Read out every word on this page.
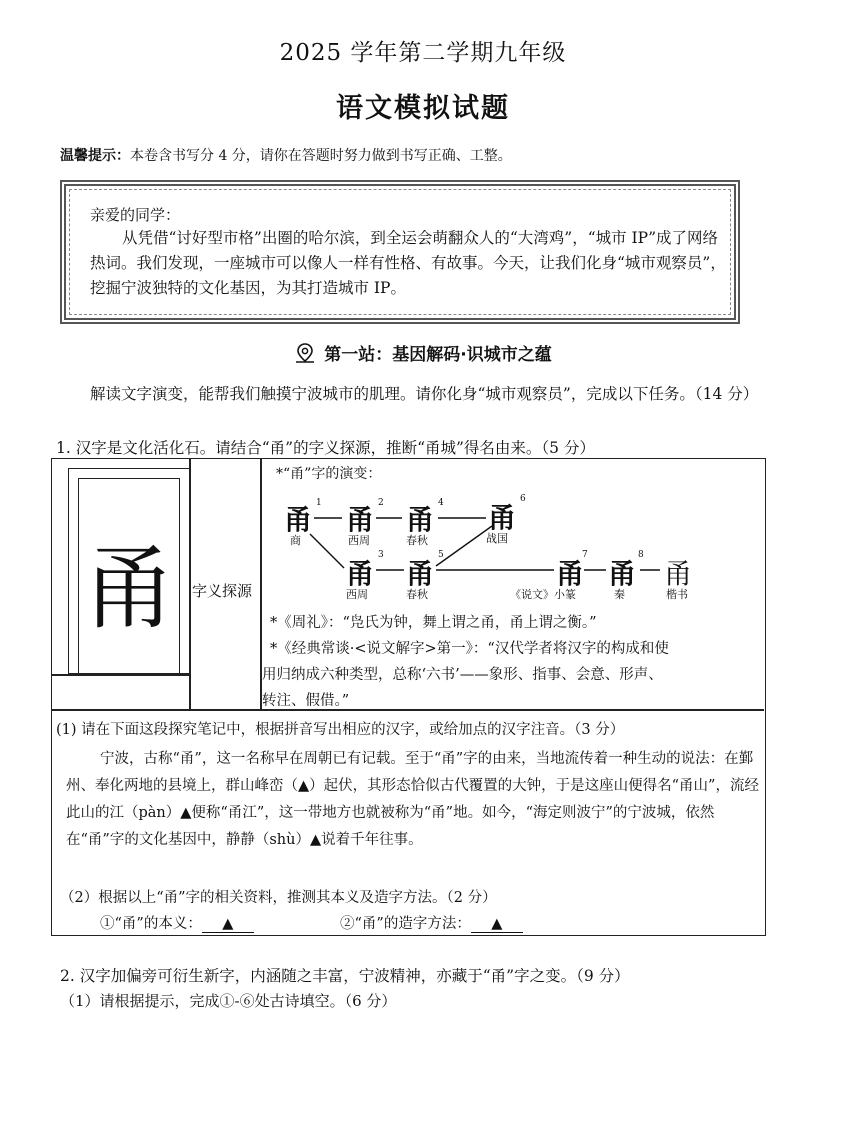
2025 学年第二学期九年级
语文模拟试题
温馨提示：本卷含书写分 4 分，请你在答题时努力做到书写正确、工整。
亲爱的同学：
从凭借“讨好型市格”出圈的哈尔滨，到全运会萌翻众人的“大湾鸡”，“城市 IP”成了网络热词。我们发现，一座城市可以像人一样有性格、有故事。今天，让我们化身“城市观察员”，挖掘宁波独特的文化基因，为其打造城市 IP。
第一站：基因解码·识城市之蕴
解读文字演变，能帮我们触摸宁波城市的肌理。请你化身“城市观察员”，完成以下任务。（14 分）
1. 汉字是文化活化石。请结合“甬”的字义探源，推断“甬城”得名由来。（5 分）
甬	字义探源
*“甬”字的演变：
甬 1
商
甬 2
西周
甬 4
春秋
甬
6
战国
甬
3
西周
甬
5
春秋
甬
7
《说文》小篆
甬
8
秦
甬
楷书
*《周礼》：“凫氏为钟，舞上谓之甬，甬上谓之衡。”
*《经典常谈·<说文解字>第一》：“汉代学者将汉字的构成和使
用归纳成六种类型，总称‘六书’——象形、指事、会意、形声、
转注、假借。”
(1) 请在下面这段探究笔记中，根据拼音写出相应的汉字，或给加点的汉字注音。（3 分）
宁波，古称“甬”，这一名称早在周朝已有记载。至于“甬”字的由来，当地流传着一种生动的说法：在鄞州、奉化两地的县境上，群山峰峦（▲）起伏，其形态恰似古代覆置的大钟，于是这座山便得名“甬山”，流经此山的江（pàn）▲便称“甬江”，这一带地方也就被称为“甬”地。如今，“海定则波宁”的宁波城，依然在“甬”字的文化基因中，静静（shù）▲说着千年往事。
（2）根据以上“甬”字的相关资料，推测其本义及造字方法。（2 分）
①“甬”的本义： ▲	②“甬”的造字方法： ▲
2. 汉字加偏旁可衍生新字，内涵随之丰富，宁波精神，亦藏于“甬”字之变。（9 分）
（1）请根据提示，完成①-⑥处古诗填空。（6 分）
